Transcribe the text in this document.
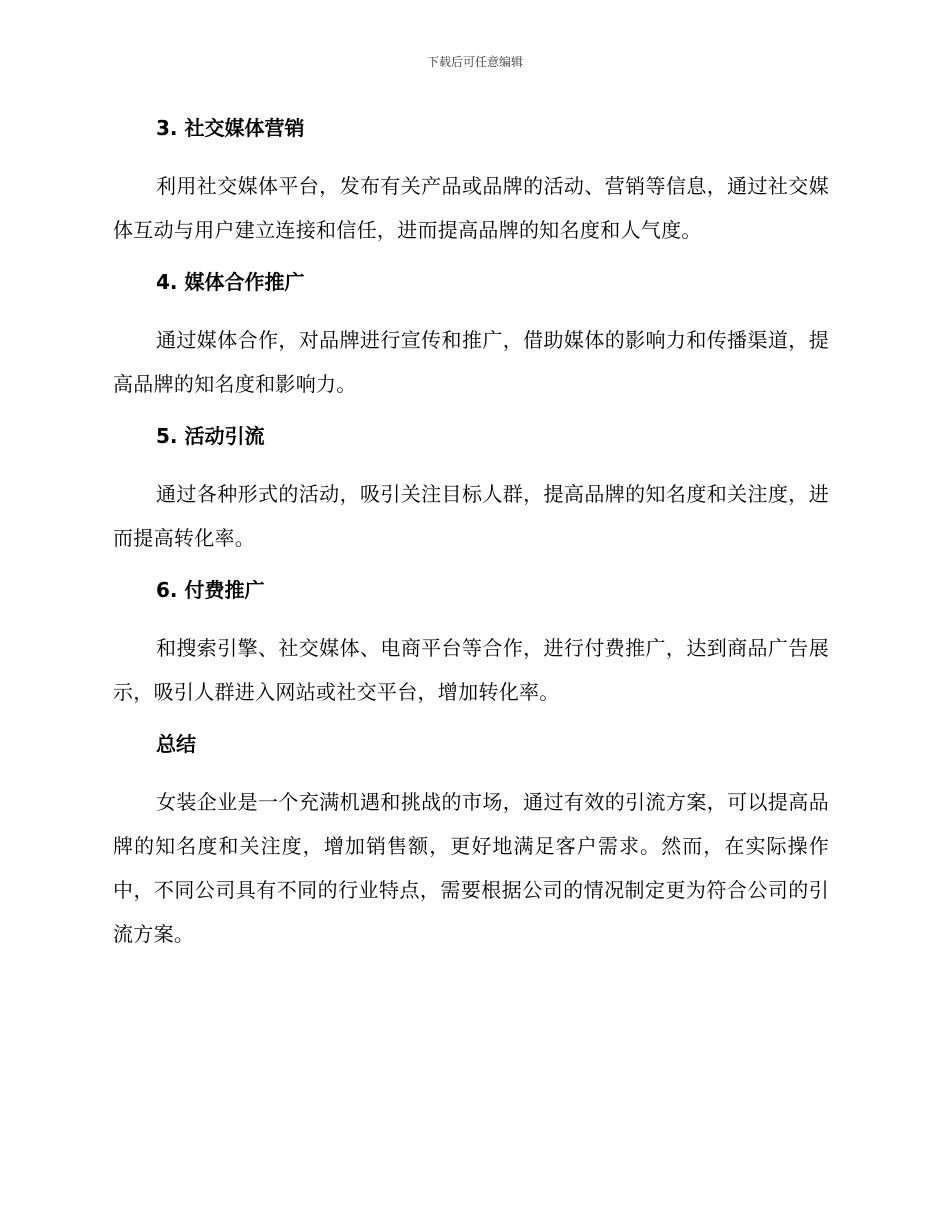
下载后可任意编辑
3. 社交媒体营销

利用社交媒体平台，发布有关产品或品牌的活动、营销等信息，通过社交媒体互动与用户建立连接和信任，进而提高品牌的知名度和人气度。

4. 媒体合作推广

通过媒体合作，对品牌进行宣传和推广，借助媒体的影响力和传播渠道，提高品牌的知名度和影响力。

5. 活动引流

通过各种形式的活动，吸引关注目标人群，提高品牌的知名度和关注度，进而提高转化率。

6. 付费推广

和搜索引擎、社交媒体、电商平台等合作，进行付费推广，达到商品广告展示，吸引人群进入网站或社交平台，增加转化率。

总结

女装企业是一个充满机遇和挑战的市场，通过有效的引流方案，可以提高品牌的知名度和关注度，增加销售额，更好地满足客户需求。然而，在实际操作中，不同公司具有不同的行业特点，需要根据公司的情况制定更为符合公司的引流方案。
